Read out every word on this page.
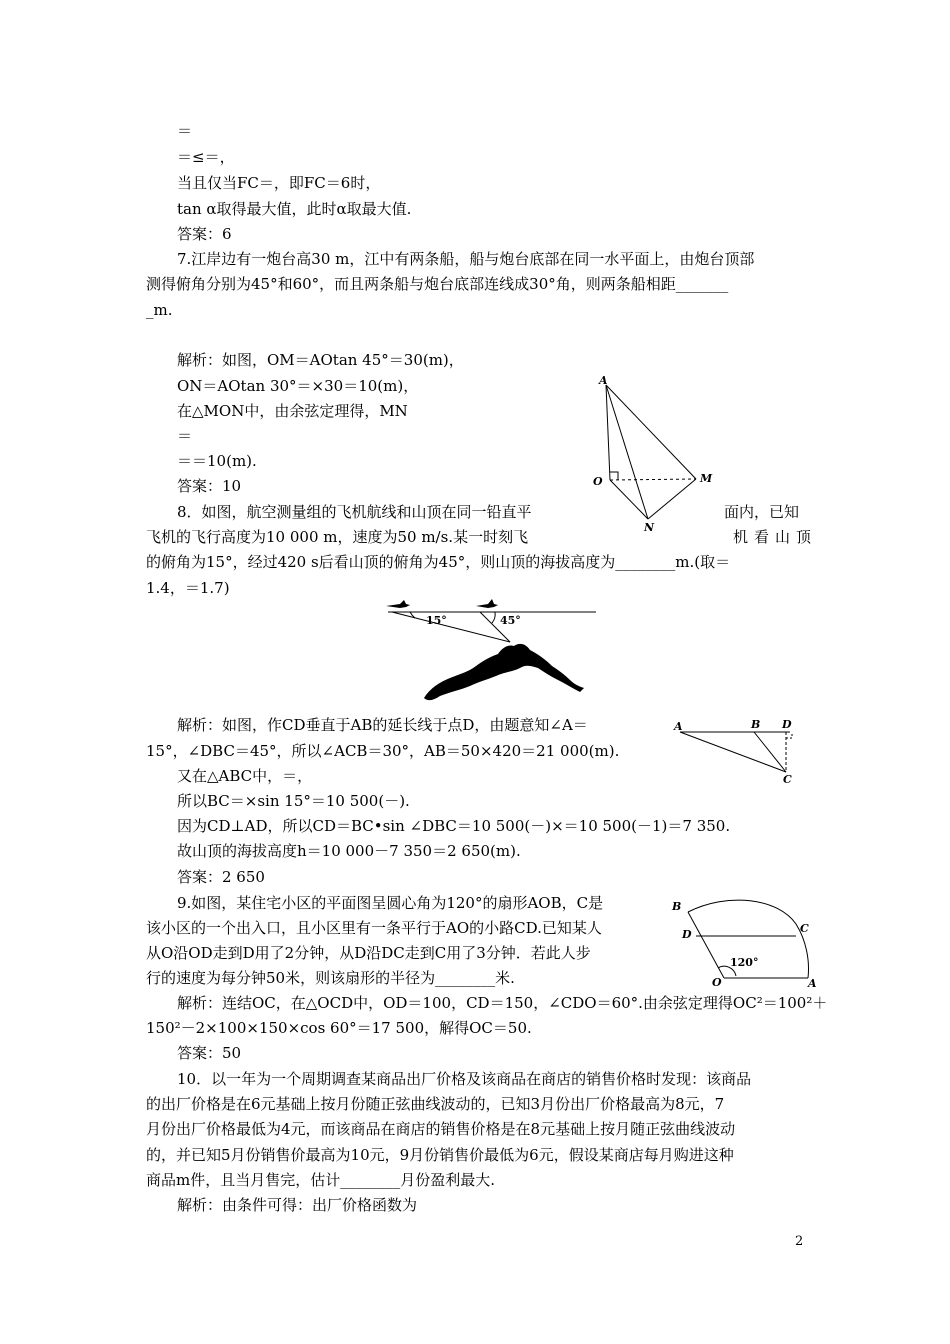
＝
＝≤＝，
当且仅当FC＝，即FC＝6时，
tan α取得最大值，此时α取最大值.
答案：6
7.江岸边有一炮台高30 m，江中有两条船，船与炮台底部在同一水平面上，由炮台顶部
测得俯角分别为45°和60°，而且两条船与炮台底部连线成30°角，则两条船相距_______
_m.
解析：如图，OM＝AOtan 45°＝30(m)，
ON＝AOtan 30°＝×30＝10(m)，
在△MON中，由余弦定理得，MN
＝
＝＝10(m).
答案：10
A
O	M
N
8．如图，航空测量组的飞机航线和山顶在同一铅直平	面内，已知
飞机的飞行高度为10 000 m，速度为50 m/s.某一时刻飞	机看山顶
的俯角为15°，经过420 s后看山顶的俯角为45°，则山顶的海拔高度为________m.(取＝
1.4，＝1.7)
15°	45°
解析：如图，作CD垂直于AB的延长线于点D，由题意知∠A＝
15°，∠DBC＝45°，所以∠ACB＝30°，AB＝50×420＝21 000(m).
又在△ABC中，＝，
所以BC＝×sin 15°＝10 500(－).
因为CD⊥AD，所以CD＝BC•sin ∠DBC＝10 500(－)×＝10 500(－1)＝7 350.
故山顶的海拔高度h＝10 000－7 350＝2 650(m).
答案：2 650
A	B D
C
9.如图，某住宅小区的平面图呈圆心角为120°的扇形AOB，C是
该小区的一个出入口，且小区里有一条平行于AO的小路CD.已知某人
从O沿OD走到D用了2分钟，从D沿DC走到C用了3分钟．若此人步
行的速度为每分钟50米，则该扇形的半径为________米.
解析：连结OC，在△OCD中，OD＝100，CD＝150，∠CDO＝60°.由余弦定理得OC²＝100²＋
150²－2×100×150×cos 60°＝17 500，解得OC＝50.
答案：50
B
C
D
O	A
120°
10．以一年为一个周期调查某商品出厂价格及该商品在商店的销售价格时发现：该商品
的出厂价格是在6元基础上按月份随正弦曲线波动的，已知3月份出厂价格最高为8元，7
月份出厂价格最低为4元，而该商品在商店的销售价格是在8元基础上按月随正弦曲线波动
的，并已知5月份销售价最高为10元，9月份销售价最低为6元，假设某商店每月购进这种
商品m件，且当月售完，估计________月份盈利最大.
解析：由条件可得：出厂价格函数为
2
